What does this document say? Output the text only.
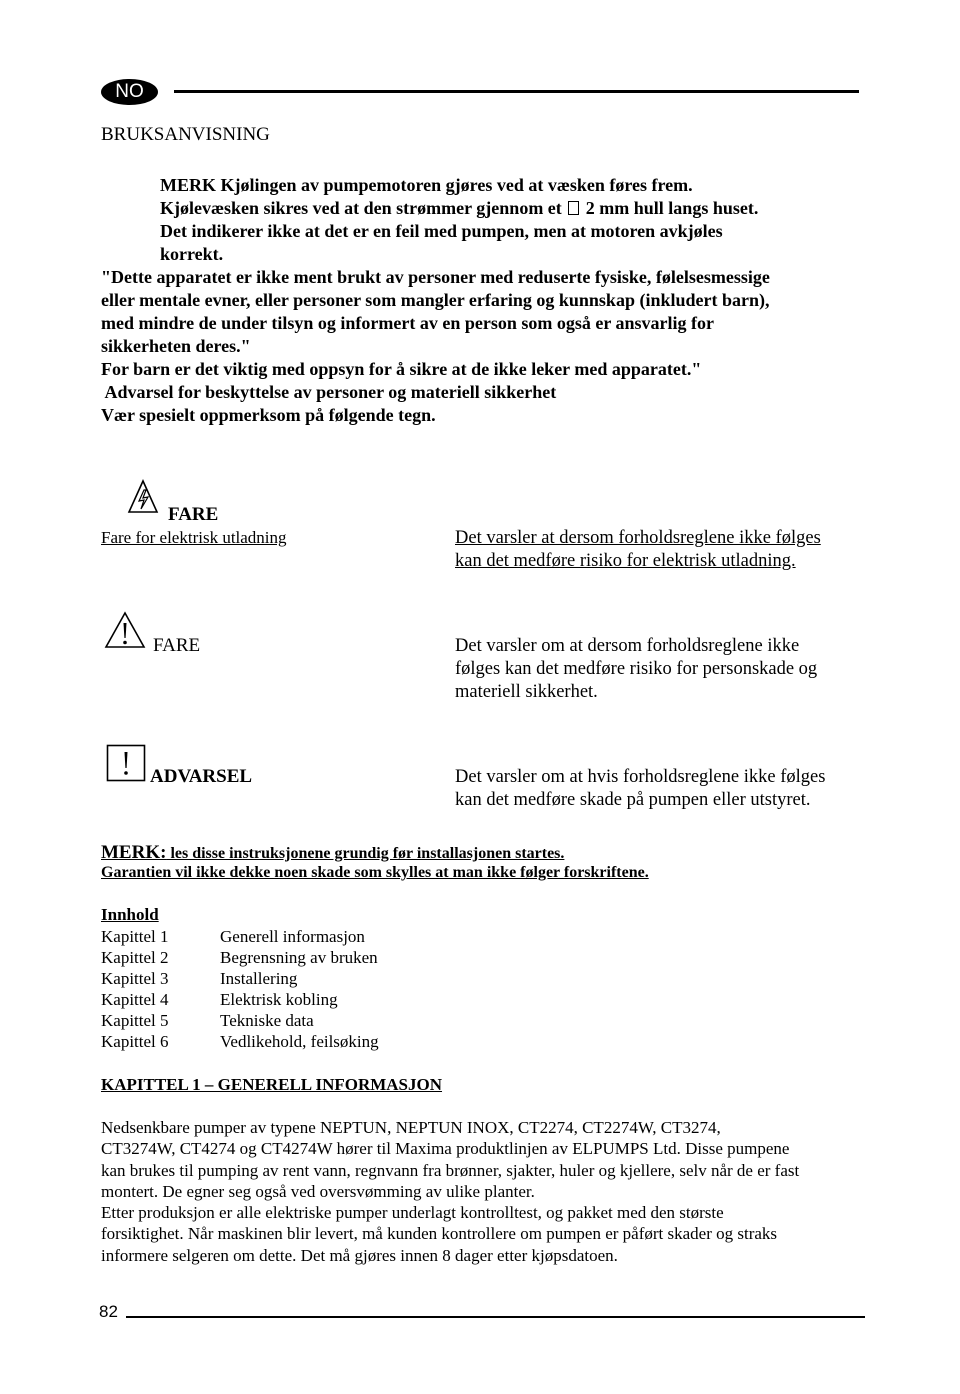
NO
BRUKSANVISNING
MERK Kjølingen av pumpemotoren gjøres ved at væsken føres frem.
Kjølevæsken sikres ved at den strømmer gjennom et 2 mm hull langs huset.
Det indikerer ikke at det er en feil med pumpen, men at motoren avkjøles
korrekt.
"Dette apparatet er ikke ment brukt av personer med reduserte fysiske, følelsesmessige
eller mentale evner, eller personer som mangler erfaring og kunnskap (inkludert barn),
med mindre de under tilsyn og informert av en person som også er ansvarlig for
sikkerheten deres."
For barn er det viktig med oppsyn for å sikre at de ikke leker med apparatet."
Advarsel for beskyttelse av personer og materiell sikkerhet
Vær spesielt oppmerksom på følgende tegn.
FARE
Fare for elektrisk utladning	Det varsler at dersom forholdsreglene ikke følges
kan det medføre risiko for elektrisk utladning.
FARE	Det varsler om at dersom forholdsreglene ikke
følges kan det medføre risiko for personskade og
materiell sikkerhet.
ADVARSEL	Det varsler om at hvis forholdsreglene ikke følges
kan det medføre skade på pumpen eller utstyret.
MERK: les disse instruksjonene grundig før installasjonen startes.
Garantien vil ikke dekke noen skade som skylles at man ikke følger forskriftene.
Innhold
Kapittel 1	Generell informasjon
Kapittel 2	Begrensning av bruken
Kapittel 3	Installering
Kapittel 4	Elektrisk kobling
Kapittel 5	Tekniske data
Kapittel 6	Vedlikehold, feilsøking
KAPITTEL 1 – GENERELL INFORMASJON
Nedsenkbare pumper av typene NEPTUN, NEPTUN INOX, CT2274, CT2274W, CT3274,
CT3274W, CT4274 og CT4274W hører til Maxima produktlinjen av ELPUMPS Ltd. Disse pumpene
kan brukes til pumping av rent vann, regnvann fra brønner, sjakter, huler og kjellere, selv når de er fast
montert. De egner seg også ved oversvømming av ulike planter.
Etter produksjon er alle elektriske pumper underlagt kontrolltest, og pakket med den største
forsiktighet. Når maskinen blir levert, må kunden kontrollere om pumpen er påført skader og straks
informere selgeren om dette. Det må gjøres innen 8 dager etter kjøpsdatoen.
82
